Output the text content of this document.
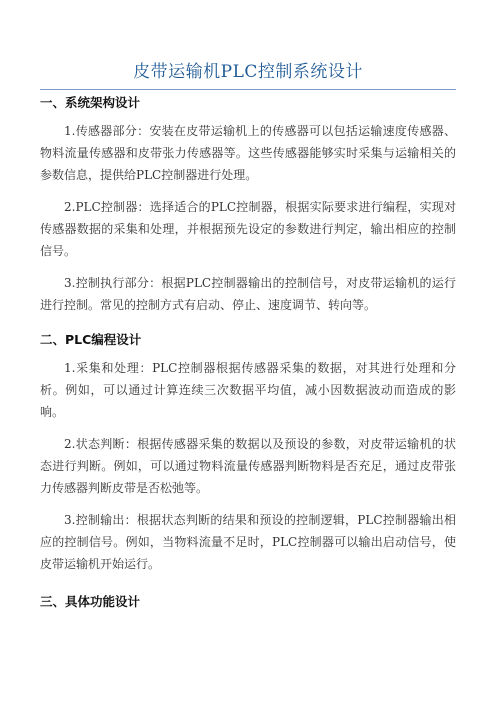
皮带运输机PLC控制系统设计
一、系统架构设计

1.传感器部分：安装在皮带运输机上的传感器可以包括运输速度传感器、物料流量传感器和皮带张力传感器等。这些传感器能够实时采集与运输相关的参数信息，提供给PLC控制器进行处理。

2.PLC控制器：选择适合的PLC控制器，根据实际要求进行编程，实现对传感器数据的采集和处理，并根据预先设定的参数进行判定，输出相应的控制信号。

3.控制执行部分：根据PLC控制器输出的控制信号，对皮带运输机的运行进行控制。常见的控制方式有启动、停止、速度调节、转向等。

二、PLC编程设计

1.采集和处理：PLC控制器根据传感器采集的数据，对其进行处理和分析。例如，可以通过计算连续三次数据平均值，减小因数据波动而造成的影响。

2.状态判断：根据传感器采集的数据以及预设的参数，对皮带运输机的状态进行判断。例如，可以通过物料流量传感器判断物料是否充足，通过皮带张力传感器判断皮带是否松弛等。

3.控制输出：根据状态判断的结果和预设的控制逻辑，PLC控制器输出相应的控制信号。例如，当物料流量不足时，PLC控制器可以输出启动信号，使皮带运输机开始运行。

三、具体功能设计
